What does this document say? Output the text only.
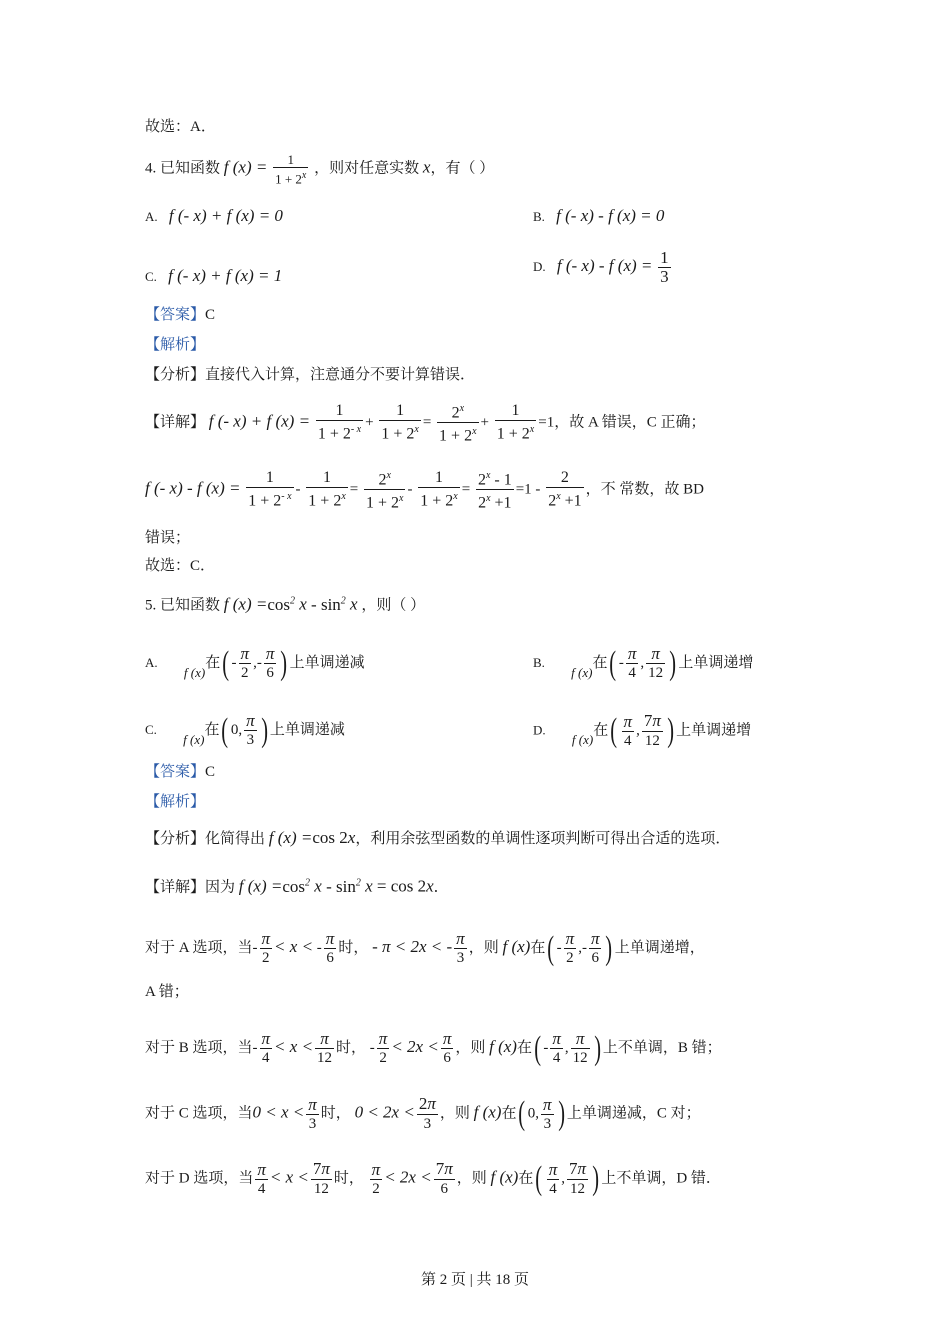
故选：A．
4. 已知函数 f $(x) = \frac{1}{1 + 2^x}$ ，则对任意实数 x，有（ ）
A. f (- x) + f (x) = 0	B. f (- x) - f (x) = 0
C. f (- x) + f (x) = 1	D. f (- x) - f $(x) = \frac{1}{3}$
【答案】C
【解析】
【分析】直接代入计算，注意通分不要计算错误．
【详解】 f (- x) + f $(x) = \frac{1}{1 + 2^{- x}} + \frac{1}{1 + 2^x} = \frac{2^x}{1 + 2^x} + \frac{1}{1 + 2^x} =1$，故 A 错误，C 正确；
f (- x) - f $(x) = \frac{1}{1 + 2^{- x}} - \frac{1}{1 + 2^x} = \frac{2^x}{1 + 2^x} - \frac{1}{1 + 2^x} = \frac{2^x - 1}{2^x +1} =1 - \frac{2}{2^x +1}$ ，不 常数，故 BD
错误；
故选：C．
5. 已知函数 f $(x) =\cos^2$ x - $\sin^2 x$ ，则（ ）
A.       f (x)在( - $\frac{\pi}{2}$ ,- $\frac{\pi}{6}$ ) 上单调递减	B.       f (x)在( - $\frac{\pi}{4}$ , $\frac{\pi}{12}$ ) 上单调递增
C.       f (x)在( 0, $\frac{\pi}{3}$ ) 上单调递减	D.       f (x)在( $\frac{\pi}{4}$ , $\frac{7\pi}{12}$ ) 上单调递增
【答案】C
【解析】
【分析】化简得出 f (x) =cos 2x，利用余弦型函数的单调性逐项判断可得出合适的选项．
【详解】因为 f $(x) =\cos^2$ $x - \sin^2 x = \cos 2x$．
对于 A 选项，当- $\frac{\pi}{2} < x$ < - $\frac{\pi}{6}$ 时， - π < 2x < - $\frac{\pi}{3}$ ，则 f (x)在( - $\frac{\pi}{2}$ ,- $\frac{\pi}{6}$ ) 上单调递增，
A 错；
对于 B 选项，当- $\frac{\pi}{4} < x < \frac{\pi}{12}$ 时， - $\frac{\pi}{2} < 2x < \frac{\pi}{6}$ ，则 f (x)在( - $\frac{\pi}{4}$ , $\frac{\pi}{12}$ ) 上不单调，B 错；
对于 C 选项，当$0 < x < \frac{\pi}{3}$ 时， $0 < 2x < \frac{2\pi}{3}$ ，则 f (x)在( 0, $\frac{\pi}{3}$ ) 上单调递减，C 对；
对于 D 选项，当 $\frac{\pi}{4} < x < \frac{7\pi}{12}$ 时， $\frac{\pi}{2} < 2x < \frac{7\pi}{6}$ ，则 f (x)在( $\frac{\pi}{4}$ , $\frac{7\pi}{12}$ ) 上不单调，D 错．
第 2 页 | 共 18 页
